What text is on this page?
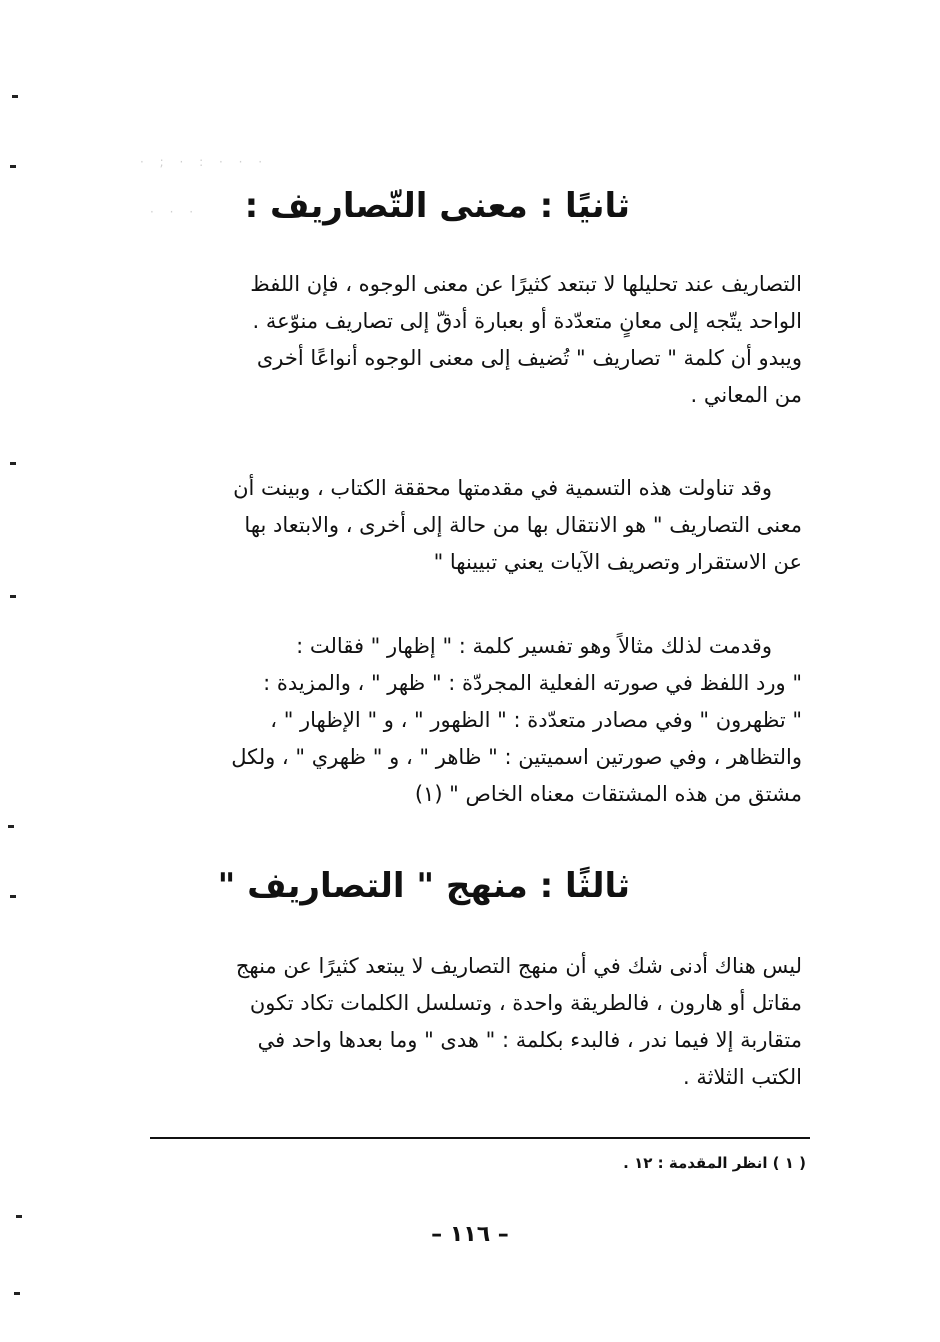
· ; · : · · ·
· · · ثانيًا : معنى التّصاريف :
التصاريف عند تحليلها لا تبتعد كثيرًا عن معنى الوجوه ، فإن اللفظ
الواحد يتّجه إلى معانٍ متعدّدة أو بعبارة أدقّ إلى تصاريف منوّعة .
ويبدو أن كلمة " تصاريف " تُضيف إلى معنى الوجوه أنواعًا أخرى
من المعاني .
وقد تناولت هذه التسمية في مقدمتها محققة الكتاب ، وبينت أن
معنى التصاريف " هو الانتقال بها من حالة إلى أخرى ، والابتعاد بها
عن الاستقرار وتصريف الآيات يعني تبيينها "
وقدمت لذلك مثالاً وهو تفسير كلمة : " إظهار " فقالت :
" ورد اللفظ في صورته الفعلية المجردّة : " ظهر " ، والمزيدة :
" تظهرون " وفي مصادر متعدّدة : " الظهور " ، و " الإظهار " ،
والتظاهر ، وفي صورتين اسميتين : " ظاهر " ، و " ظهري " ، ولكل
مشتق من هذه المشتقات معناه الخاص " (١)
ثالثًا : منهج " التصاريف "
ليس هناك أدنى شك في أن منهج التصاريف لا يبتعد كثيرًا عن منهج
مقاتل أو هارون ، فالطريقة واحدة ، وتسلسل الكلمات تكاد تكون
متقاربة إلا فيما ندر ، فالبدء بكلمة : " هدى " وما بعدها واحد في
الكتب الثلاثة .
( ١ ) انظر المقدمة : ١٢ .
– ١١٦ –
